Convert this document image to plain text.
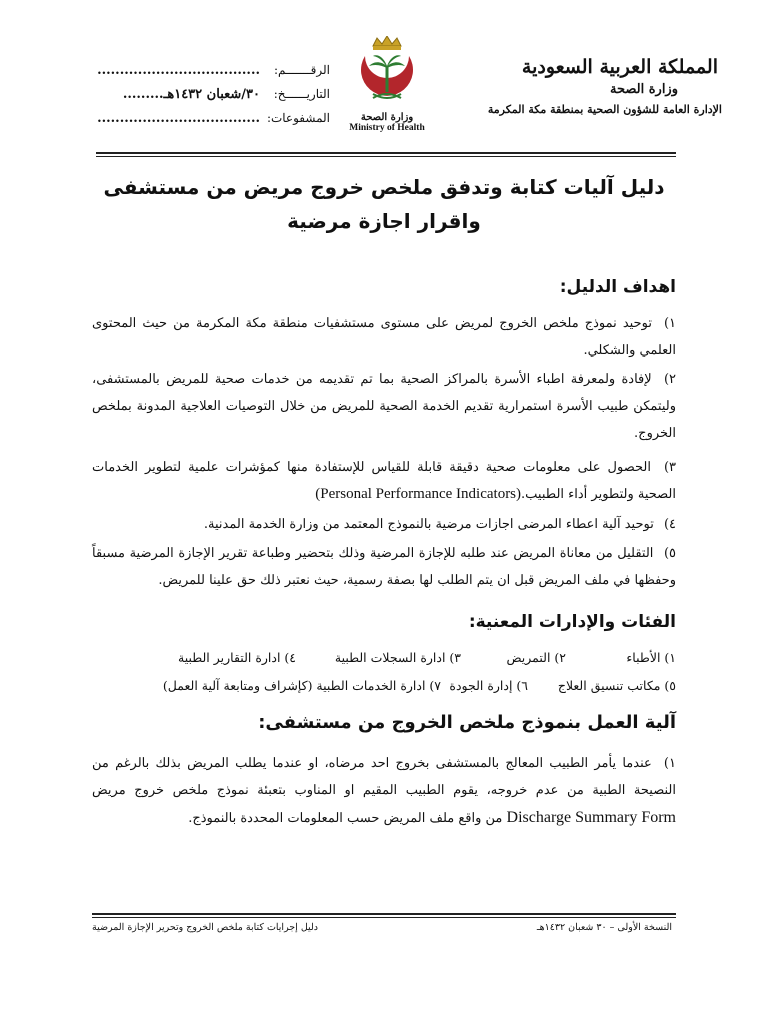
المملكة العربية السعودية
وزارة الصحة
الإدارة العامة للشؤون الصحية بمنطقة مكة المكرمة
وزارة الصحة
Ministry of Health
الرقـــــــم:....................................
التاريــــــخ:٣٠/شعبان ١٤٣٢هـ.........
المشفوعات:....................................
دليل آليات كتابة وتدفق ملخص خروج مريض من مستشفى
واقرار اجازة مرضية
اهداف الدليل:
١) توحيد نموذج ملخص الخروج لمريض على مستوى مستشفيات منطقة مكة المكرمة من حيث المحتوى العلمي والشكلي.
٢) لإفادة ولمعرفة اطباء الأسرة بالمراكز الصحية بما تم تقديمه من خدمات صحية للمريض بالمستشفى، وليتمكن طبيب الأسرة استمرارية تقديم الخدمة الصحية للمريض من خلال التوصيات العلاجية المدونة بملخص الخروج.
٣) الحصول على معلومات صحية دقيقة قابلة للقياس للإستفادة منها كمؤشرات علمية لتطوير الخدمات الصحية ولتطوير أداء الطبيب.(Personal Performance Indicators)
٤) توحيد آلية اعطاء المرضى اجازات مرضية بالنموذج المعتمد من وزارة الخدمة المدنية.
٥) التقليل من معاناة المريض عند طلبه للإجازة المرضية وذلك بتحضير وطباعة تقرير الإجازة المرضية مسبقاً وحفظها في ملف المريض قبل ان يتم الطلب لها بصفة رسمية، حيث نعتبر ذلك حق علينا للمريض.
الفئات والإدارات المعنية:
١) الأطباء
٢) التمريض
٣) ادارة السجلات الطبية
٤) ادارة التقارير الطبية
٥) مكاتب تنسيق العلاج
٦) إدارة الجودة
٧) ادارة الخدمات الطبية (كإشراف ومتابعة آلية العمل)
آلية العمل بنموذج ملخص الخروج من مستشفى:
١) عندما يأمر الطبيب المعالج بالمستشفى بخروج احد مرضاه، او عندما يطلب المريض بذلك بالرغم من النصيحة الطبية من عدم خروجه، يقوم الطبيب المقيم او المناوب بتعبئة نموذج ملخص خروج مريض Discharge Summary Form من واقع ملف المريض حسب المعلومات المحددة بالنموذج.
النسخة الأولى – ٣٠ شعبان ١٤٣٢هـ
دليل إجرايات كتابة ملخص الخروج وتحرير الإجازة المرضية
